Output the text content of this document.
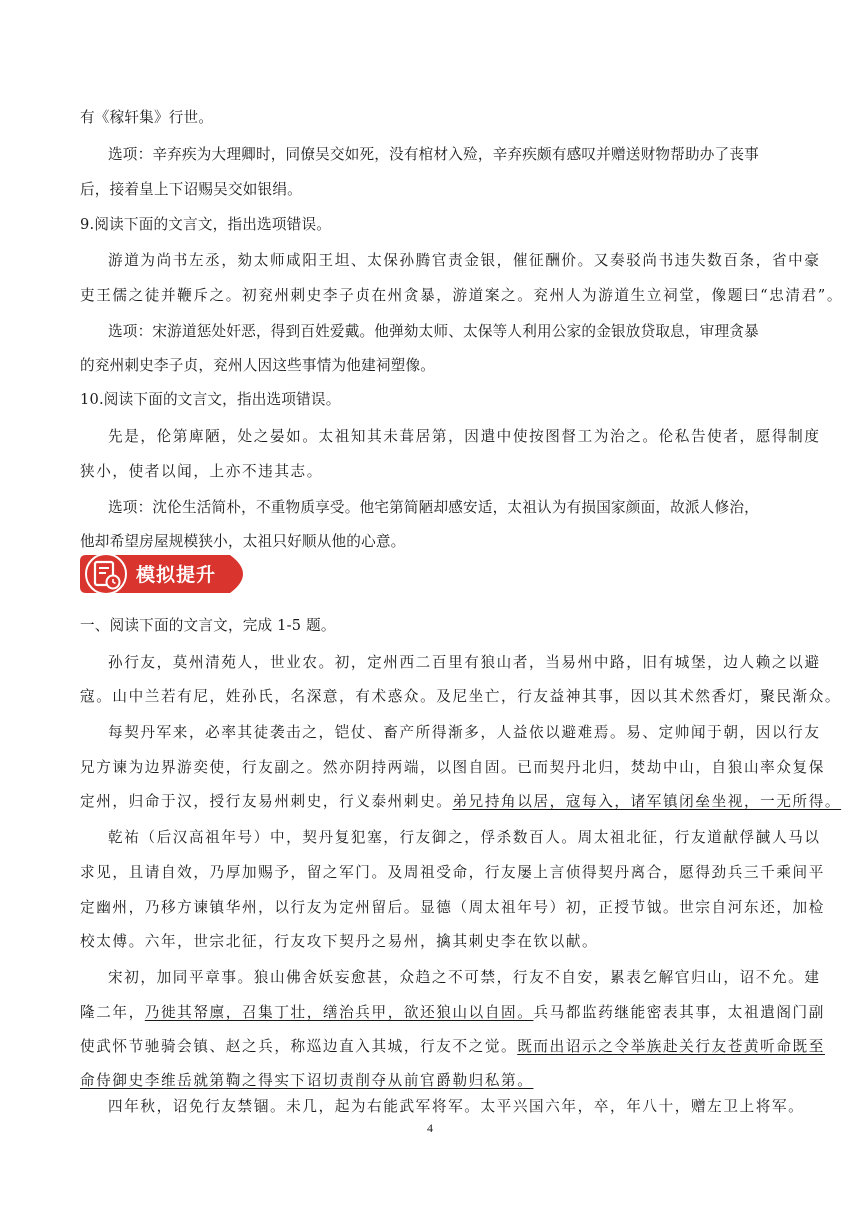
有《稼轩集》行世。
选项：辛弃疾为大理卿时，同僚吴交如死，没有棺材入殓，辛弃疾颇有感叹并赠送财物帮助办了丧事
后，接着皇上下诏赐吴交如银绢。
9.阅读下面的文言文，指出选项错误。
游道为尚书左丞，劾太师咸阳王坦、太保孙腾官责金银，催征酬价。又奏驳尚书违失数百条，省中豪
吏王儒之徒并鞭斥之。初兖州刺史李子贞在州贪暴，游道案之。兖州人为游道生立祠堂，像题曰“忠清君”。
选项：宋游道惩处奸恶，得到百姓爱戴。他弹劾太师、太保等人利用公家的金银放贷取息，审理贪暴
的兖州刺史李子贞，兖州人因这些事情为他建祠塑像。
10.阅读下面的文言文，指出选项错误。
先是，伦第庳陋，处之晏如。太祖知其未葺居第，因遣中使按图督工为治之。伦私告使者，愿得制度
狭小，使者以闻，上亦不违其志。
选项：沈伦生活简朴，不重物质享受。他宅第简陋却感安适，太祖认为有损国家颜面，故派人修治，
他却希望房屋规模狭小，太祖只好顺从他的心意。
模拟提升
一、阅读下面的文言文，完成 1-5 题。
孙行友，莫州清苑人，世业农。初，定州西二百里有狼山者，当易州中路，旧有城堡，边人赖之以避
寇。山中兰若有尼，姓孙氏，名深意，有术惑众。及尼坐亡，行友益神其事，因以其术然香灯，聚民渐众。
每契丹军来，必率其徒袭击之，铠仗、畜产所得渐多，人益依以避难焉。易、定帅闻于朝，因以行友
兄方谏为边界游奕使，行友副之。然亦阴持两端，以图自固。已而契丹北归，焚劫中山，自狼山率众复保
定州，归命于汉，授行友易州刺史，行义泰州刺史。弟兄持角以居，寇每入，诸军镇闭垒坐视，一无所得。
乾祐（后汉高祖年号）中，契丹复犯塞，行友御之，俘杀数百人。周太祖北征，行友道献俘馘人马以
求见，且请自效，乃厚加赐予，留之军门。及周祖受命，行友屡上言侦得契丹离合，愿得劲兵三千乘间平
定幽州，乃移方谏镇华州，以行友为定州留后。显德（周太祖年号）初，正授节钺。世宗自河东还，加检
校太傅。六年，世宗北征，行友攻下契丹之易州，擒其刺史李在钦以献。
宋初，加同平章事。狼山佛舍妖妄愈甚，众趋之不可禁，行友不自安，累表乞解官归山，诏不允。建
隆二年，乃徙其帑廪，召集丁壮，缮治兵甲，欲还狼山以自固。兵马都监药继能密表其事，太祖遣阁门副
使武怀节驰骑会镇、赵之兵，称巡边直入其城，行友不之觉。既而出诏示之令举族赴关行友苍黄听命既至
命侍御史李维岳就第鞫之得实下诏切责削夺从前官爵勒归私第。
四年秋，诏免行友禁锢。未几，起为右能武军将军。太平兴国六年，卒，年八十，赠左卫上将军。
4
